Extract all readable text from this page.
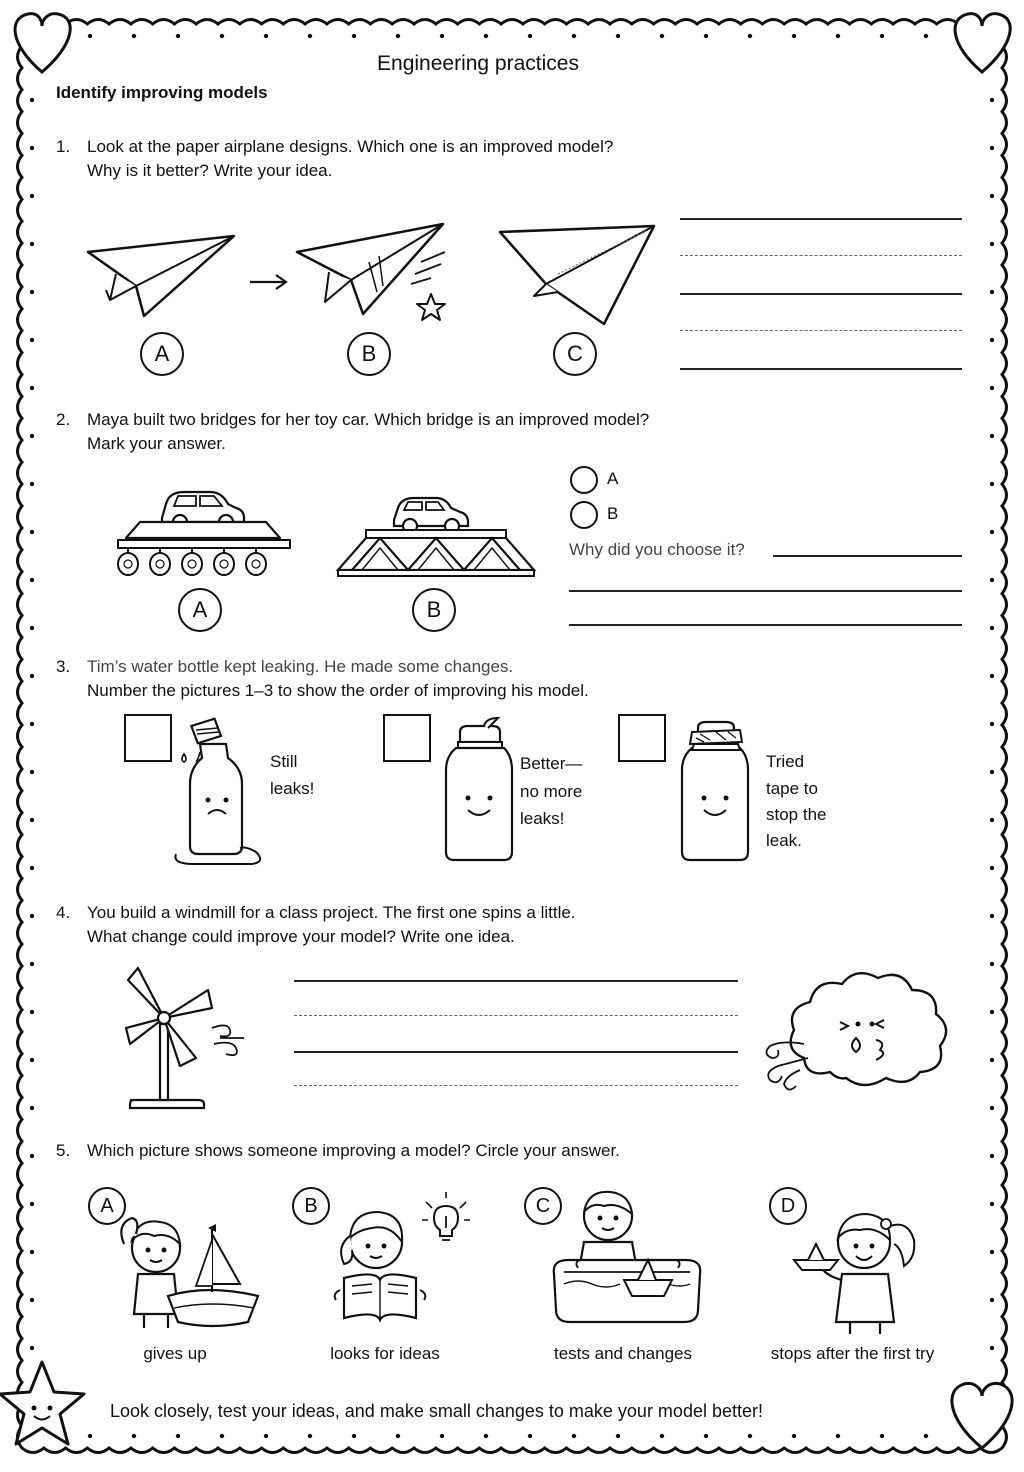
Engineering practices
Identify improving models
1. Look at the paper airplane designs. Which one is an improved model?
Why is it better? Write your idea.
A	B	C
2. Maya built two bridges for her toy car. Which bridge is an improved model?
Mark your answer.
A	B
A
B
Why did you choose it?
3. Tim’s water bottle kept leaking. He made some changes.
Number the pictures 1–3 to show the order of improving his model.
Still
leaks!
Better—
no more
leaks!
Tried
tape to
stop the
leak.
4. You build a windmill for a class project. The first one spins a little.
What change could improve your model? Write one idea.
5. Which picture shows someone improving a model? Circle your answer.
A	B	C	D
gives up	looks for ideas	tests and changes	stops after the first try
Look closely, test your ideas, and make small changes to make your model better!
